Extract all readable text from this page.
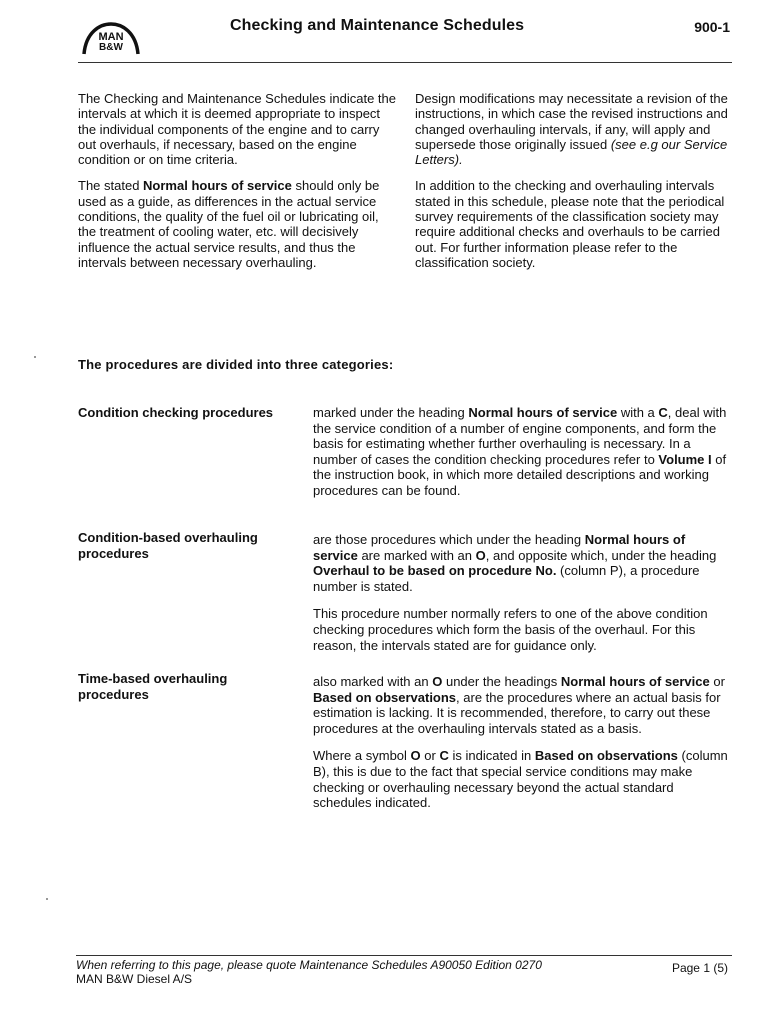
MAN
B&W
Checking and Maintenance Schedules	900-1

The Checking and Maintenance Schedules indicate the intervals at which it is deemed appropriate to inspect the individual components of the engine and to carry out overhauls, if necessary, based on the engine condition or on time criteria.

The stated Normal hours of service should only be used as a guide, as differences in the actual service conditions, the quality of the fuel oil or lubricating oil, the treatment of cooling water, etc. will decisively influence the actual service results, and thus the intervals between necessary overhauling.

Design modifications may necessitate a revision of the instructions, in which case the revised instructions and changed overhauling intervals, if any, will apply and supersede those originally issued (see e.g our Service Letters).

In addition to the checking and overhauling intervals stated in this schedule, please note that the periodical survey requirements of the classification society may require additional checks and overhauls to be carried out. For further information please refer to the classification society.

The procedures are divided into three categories:
Condition checking procedures	marked under the heading Normal hours of service with a C, deal with the service condition of a number of engine components, and form the basis for estimating whether further overhauling is necessary. In a number of cases the condition checking procedures refer to Volume I of the instruction book, in which more detailed descriptions and working procedures can be found.

Condition-based overhauling procedures

are those procedures which under the heading Normal hours of service are marked with an O, and opposite which, under the heading Overhaul to be based on procedure No. (column P), a procedure number is stated.

This procedure number normally refers to one of the above condition checking procedures which form the basis of the overhaul. For this reason, the intervals stated are for guidance only.

Time-based overhauling procedures

also marked with an O under the headings Normal hours of service or Based on observations, are the procedures where an actual basis for estimation is lacking. It is recommended, therefore, to carry out these procedures at the overhauling intervals stated as a basis.

Where a symbol O or C is indicated in Based on observations (column B), this is due to the fact that special service conditions may make checking or overhauling necessary beyond the actual standard schedules indicated.

When referring to this page, please quote Maintenance Schedules A90050 Edition 0270
MAN B&W Diesel A/S
Page 1 (5)
